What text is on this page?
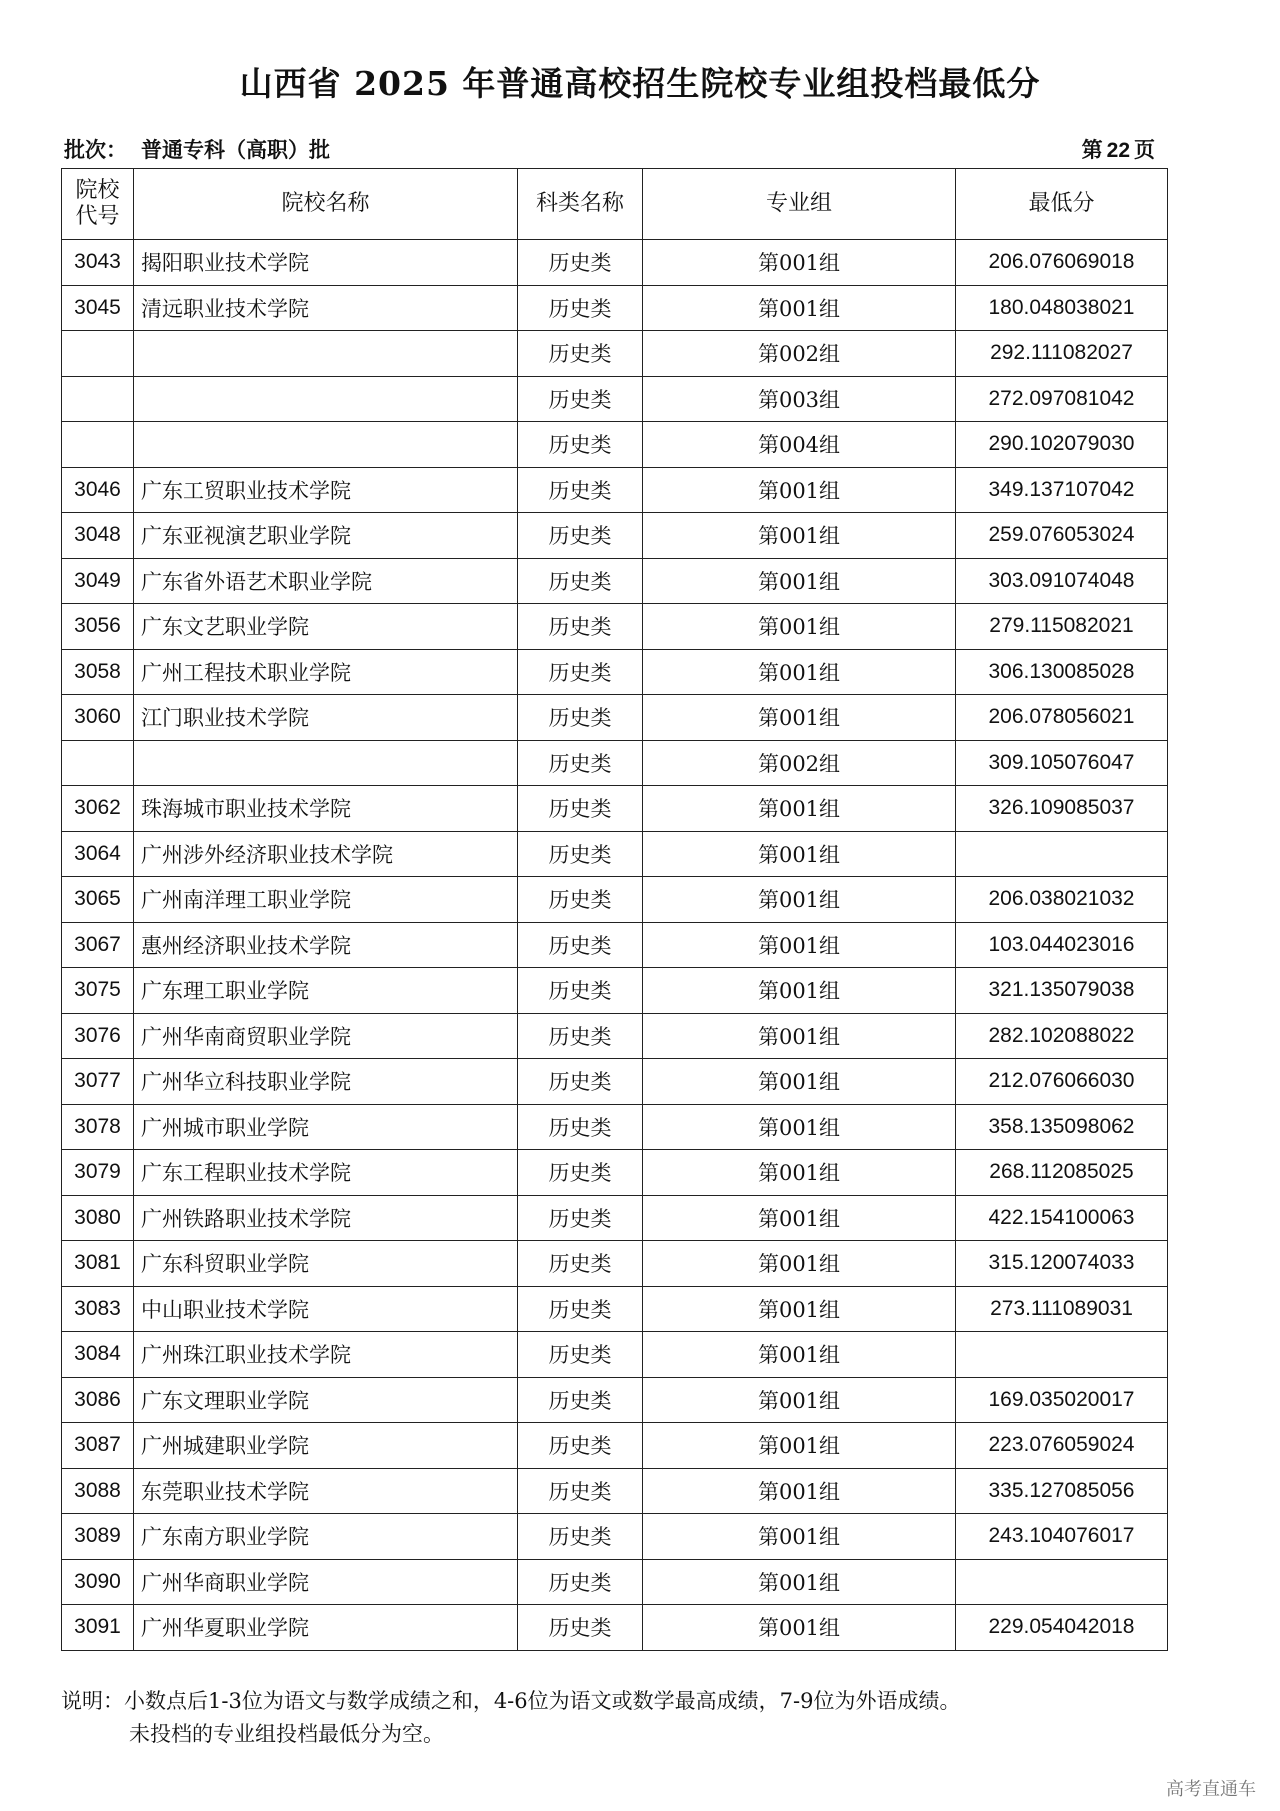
山西省 2025 年普通高校招生院校专业组投档最低分
批次： 普通专科（高职）批	第 22 页
院校
代号	院校名称	科类名称	专业组	最低分
3043	揭阳职业技术学院	历史类	第001组	206.076069018
3045	清远职业技术学院	历史类	第001组	180.048038021
		历史类	第002组	292.111082027
		历史类	第003组	272.097081042
		历史类	第004组	290.102079030
3046	广东工贸职业技术学院	历史类	第001组	349.137107042
3048	广东亚视演艺职业学院	历史类	第001组	259.076053024
3049	广东省外语艺术职业学院	历史类	第001组	303.091074048
3056	广东文艺职业学院	历史类	第001组	279.115082021
3058	广州工程技术职业学院	历史类	第001组	306.130085028
3060	江门职业技术学院	历史类	第001组	206.078056021
		历史类	第002组	309.105076047
3062	珠海城市职业技术学院	历史类	第001组	326.109085037
3064	广州涉外经济职业技术学院	历史类	第001组	
3065	广州南洋理工职业学院	历史类	第001组	206.038021032
3067	惠州经济职业技术学院	历史类	第001组	103.044023016
3075	广东理工职业学院	历史类	第001组	321.135079038
3076	广州华南商贸职业学院	历史类	第001组	282.102088022
3077	广州华立科技职业学院	历史类	第001组	212.076066030
3078	广州城市职业学院	历史类	第001组	358.135098062
3079	广东工程职业技术学院	历史类	第001组	268.112085025
3080	广州铁路职业技术学院	历史类	第001组	422.154100063
3081	广东科贸职业学院	历史类	第001组	315.120074033
3083	中山职业技术学院	历史类	第001组	273.111089031
3084	广州珠江职业技术学院	历史类	第001组	
3086	广东文理职业学院	历史类	第001组	169.035020017
3087	广州城建职业学院	历史类	第001组	223.076059024
3088	东莞职业技术学院	历史类	第001组	335.127085056
3089	广东南方职业学院	历史类	第001组	243.104076017
3090	广州华商职业学院	历史类	第001组	
3091	广州华夏职业学院	历史类	第001组	229.054042018
说明：小数点后1-3位为语文与数学成绩之和，4-6位为语文或数学最高成绩，7-9位为外语成绩。
未投档的专业组投档最低分为空。
高考直通车
